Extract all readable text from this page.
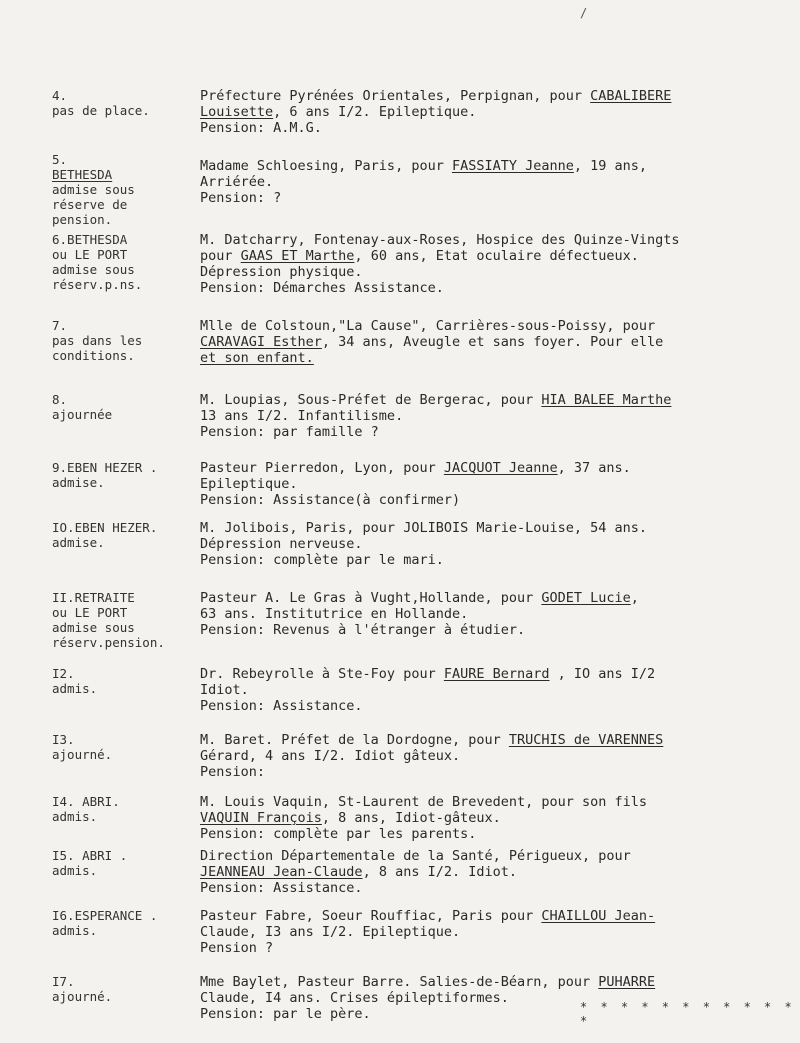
/
4.
pas de place.
Préfecture Pyrénées Orientales, Perpignan, pour CABALIBERE
Louisette, 6 ans I/2. Epileptique.
Pension: A.M.G.
5.
BETHESDA
admise sous
réserve de
pension.
Madame Schloesing, Paris, pour FASSIATY Jeanne, 19 ans,
Arriérée.
Pension: ?
6.BETHESDA
ou LE PORT
admise sous
réserv.p.ns.
M. Datcharry, Fontenay-aux-Roses, Hospice des Quinze-Vingts
pour GAAS ET Marthe, 60 ans, Etat oculaire défectueux.
Dépression physique.
Pension: Démarches Assistance.
7.
pas dans les
conditions.
Mlle de Colstoun,"La Cause", Carrières-sous-Poissy, pour
CARAVAGI Esther, 34 ans, Aveugle et sans foyer. Pour elle
et son enfant.
8.
ajournée
M. Loupias, Sous-Préfet de Bergerac, pour HIA BALEE Marthe
13 ans I/2. Infantilisme.
Pension: par famille ?
9.EBEN HEZER .
admise.
Pasteur Pierredon, Lyon, pour JACQUOT Jeanne, 37 ans.
Epileptique.
Pension: Assistance(à confirmer)
IO.EBEN HEZER.
admise.
M. Jolibois, Paris, pour JOLIBOIS Marie-Louise, 54 ans.
Dépression nerveuse.
Pension: complète par le mari.
II.RETRAITE
ou LE PORT
admise sous
réserv.pension.
Pasteur A. Le Gras à Vught,Hollande, pour GODET Lucie,
63 ans. Institutrice en Hollande.
Pension: Revenus à l'étranger à étudier.
I2.
admis.
Dr. Rebeyrolle à Ste-Foy pour FAURE Bernard , IO ans I/2
Idiot.
Pension: Assistance.
I3.
ajourné.
M. Baret. Préfet de la Dordogne, pour TRUCHIS de VARENNES
Gérard, 4 ans I/2. Idiot gâteux.
Pension:
I4. ABRI.
admis.
M. Louis Vaquin, St-Laurent de Brevedent, pour son fils
VAQUIN François, 8 ans, Idiot-gâteux.
Pension: complète par les parents.
I5. ABRI .
admis.
Direction Départementale de la Santé, Périgueux, pour
JEANNEAU Jean-Claude, 8 ans I/2. Idiot.
Pension: Assistance.
I6.ESPERANCE .
admis.
Pasteur Fabre, Soeur Rouffiac, Paris pour CHAILLOU Jean-
Claude, I3 ans I/2. Epileptique.
Pension ?
I7.
ajourné.
Mme Baylet, Pasteur Barre. Salies-de-Béarn, pour PUHARRE
Claude, I4 ans. Crises épileptiformes.
Pension: par le père.	* * * * * * * * * * * *
